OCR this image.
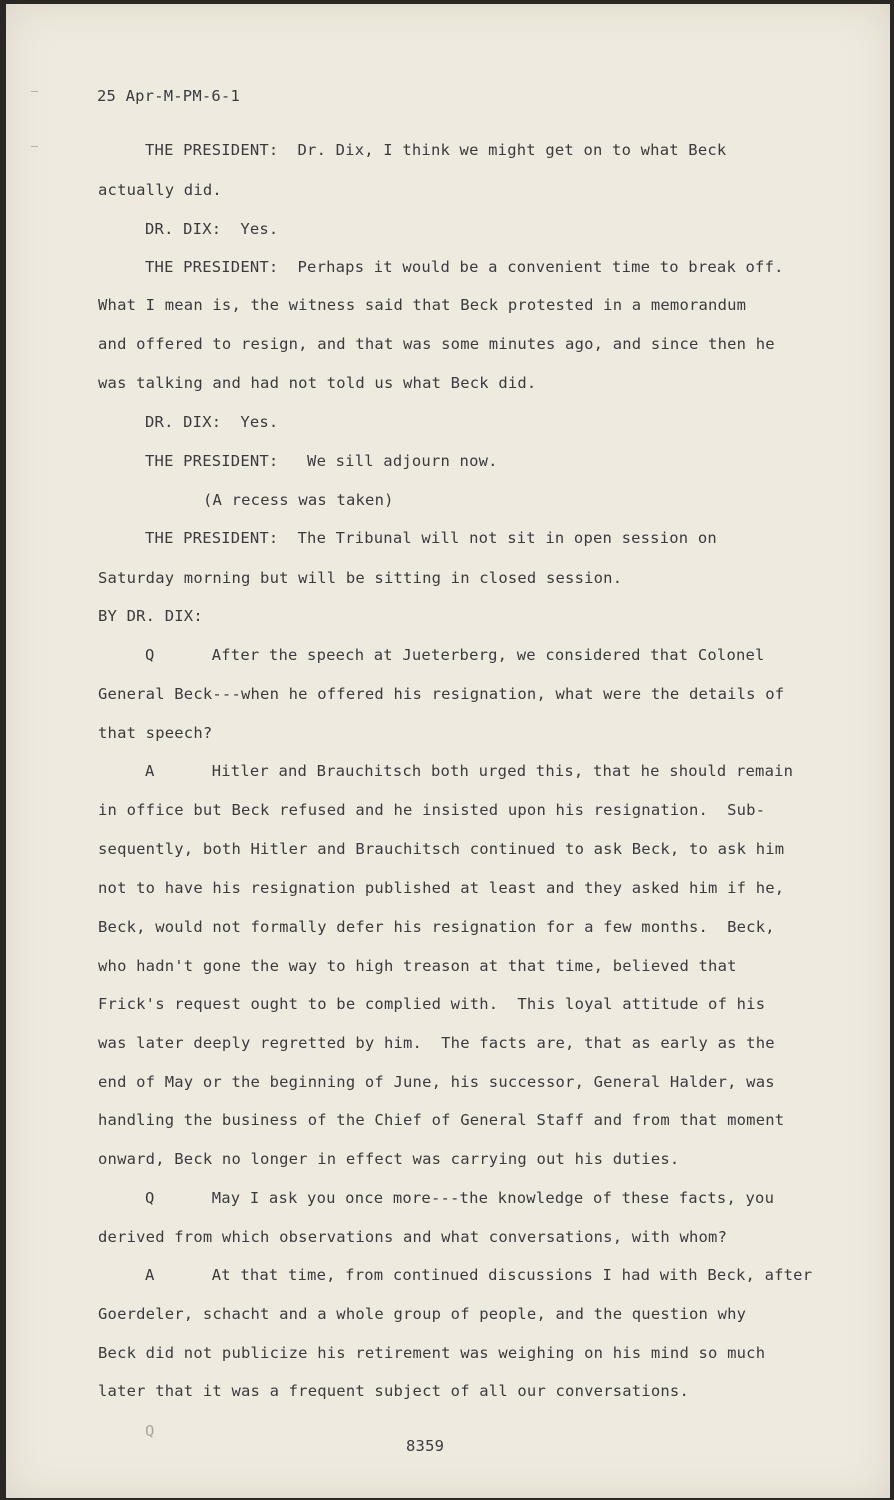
25 Apr-M-PM-6-1
THE PRESIDENT:  Dr. Dix, I think we might get on to what Beck
actually did.
DR. DIX:  Yes.
THE PRESIDENT:  Perhaps it would be a convenient time to break off.
What I mean is, the witness said that Beck protested in a memorandum
and offered to resign, and that was some minutes ago, and since then he
was talking and had not told us what Beck did.
DR. DIX:  Yes.
THE PRESIDENT:   We sill adjourn now.
(A recess was taken)
THE PRESIDENT:  The Tribunal will not sit in open session on
Saturday morning but will be sitting in closed session.
BY DR. DIX:
Q      After the speech at Jueterberg, we considered that Colonel
General Beck---when he offered his resignation, what were the details of
that speech?
A      Hitler and Brauchitsch both urged this, that he should remain
in office but Beck refused and he insisted upon his resignation.  Sub-
sequently, both Hitler and Brauchitsch continued to ask Beck, to ask him
not to have his resignation published at least and they asked him if he,
Beck, would not formally defer his resignation for a few months.  Beck,
who hadn't gone the way to high treason at that time, believed that
Frick's request ought to be complied with.  This loyal attitude of his
was later deeply regretted by him.  The facts are, that as early as the
end of May or the beginning of June, his successor, General Halder, was
handling the business of the Chief of General Staff and from that moment
onward, Beck no longer in effect was carrying out his duties.
Q      May I ask you once more---the knowledge of these facts, you
derived from which observations and what conversations, with whom?
A      At that time, from continued discussions I had with Beck, after
Goerdeler, schacht and a whole group of people, and the question why
Beck did not publicize his retirement was weighing on his mind so much
later that it was a frequent subject of all our conversations.
Q
8359
